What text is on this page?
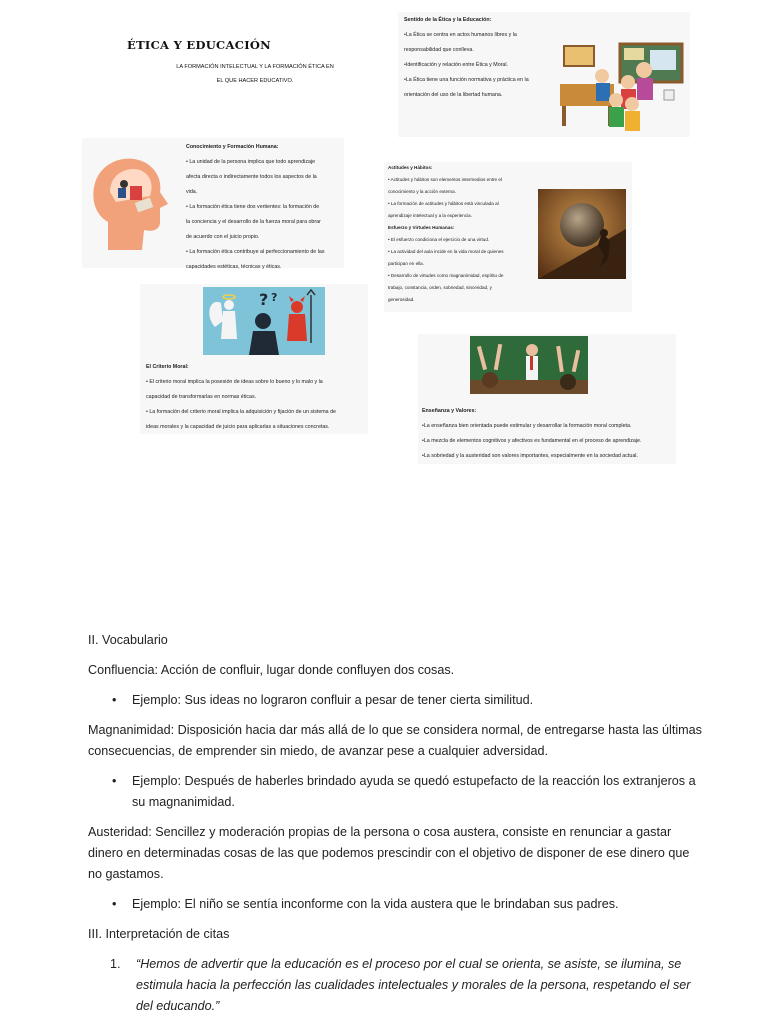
ÉTICA Y EDUCACIÓN
LA FORMACIÓN INTELECTUAL Y LA FORMACIÓN ÉTICA EN
EL QUE HACER EDUCATIVO.

Sentido de la Ética y la Educación:

•La Ética se centra en actos humanos libres y la

responsabilidad que conlleva.

•Identificación y relación entre Ética y Moral.

•La Ética tiene una función normativa y práctica en la

orientación del uso de la libertad humana.

Conocimiento y Formación Humana:

• La unidad de la persona implica que todo aprendizaje

afecta directa o indirectamente todos los aspectos de la

vida.

• La formación ética tiene dos vertientes: la formación de

la conciencia y el desarrollo de la fuerza moral para obrar

de acuerdo con el juicio propio.

• La formación ética contribuye al perfeccionamiento de las

capacidades estéticas, técnicas y éticas.

Actitudes y Hábitos:

• Actitudes y hábitos son elementos intermedios entre el

conocimiento y la acción externa.

• La formación de actitudes y hábitos está vinculada al

aprendizaje intelectual y a la experiencia.

Esfuerzo y Virtudes Humanas:

• El esfuerzo condiciona el ejercicio de una virtud.

• La actividad del aula incide en la vida moral de quienes

participan en ella.

• Desarrollo de virtudes como magnanimidad, espíritu de

trabajo, constancia, orden, sobriedad, sinceridad, y

generosidad.

? ?

El Criterio Moral:

• El criterio moral implica la posesión de ideas sobre lo bueno y lo malo y la

capacidad de transformarlas en normas éticas.

• La formación del criterio moral implica la adquisición y fijación de un sistema de

ideas morales y la capacidad de juicio para aplicarlas a situaciones concretas.

Enseñanza y Valores:

•La enseñanza bien orientada puede estimular y desarrollar la formación moral completa.

•La mezcla de elementos cognitivos y afectivos es fundamental en el proceso de aprendizaje.

•La sobriedad y la austeridad son valores importantes, especialmente en la sociedad actual.

II. Vocabulario

Confluencia: Acción de confluir, lugar donde confluyen dos cosas.

•	Ejemplo: Sus ideas no lograron confluir a pesar de tener cierta similitud.

Magnanimidad: Disposición hacia dar más allá de lo que se considera normal, de entregarse hasta las últimas

consecuencias, de emprender sin miedo, de avanzar pese a cualquier adversidad.

•	Ejemplo: Después de haberles brindado ayuda se quedó estupefacto de la reacción los extranjeros a
su magnanimidad.

Austeridad: Sencillez y moderación propias de la persona o cosa austera, consiste en renunciar a gastar

dinero en determinadas cosas de las que podemos prescindir con el objetivo de disponer de ese dinero que

no gastamos.

•	Ejemplo: El niño se sentía inconforme con la vida austera que le brindaban sus padres.

III. Interpretación de citas

1.	“Hemos de advertir que la educación es el proceso por el cual se orienta, se asiste, se ilumina, se
estimula hacia la perfección las cualidades intelectuales y morales de la persona, respetando el ser
del educando.”
